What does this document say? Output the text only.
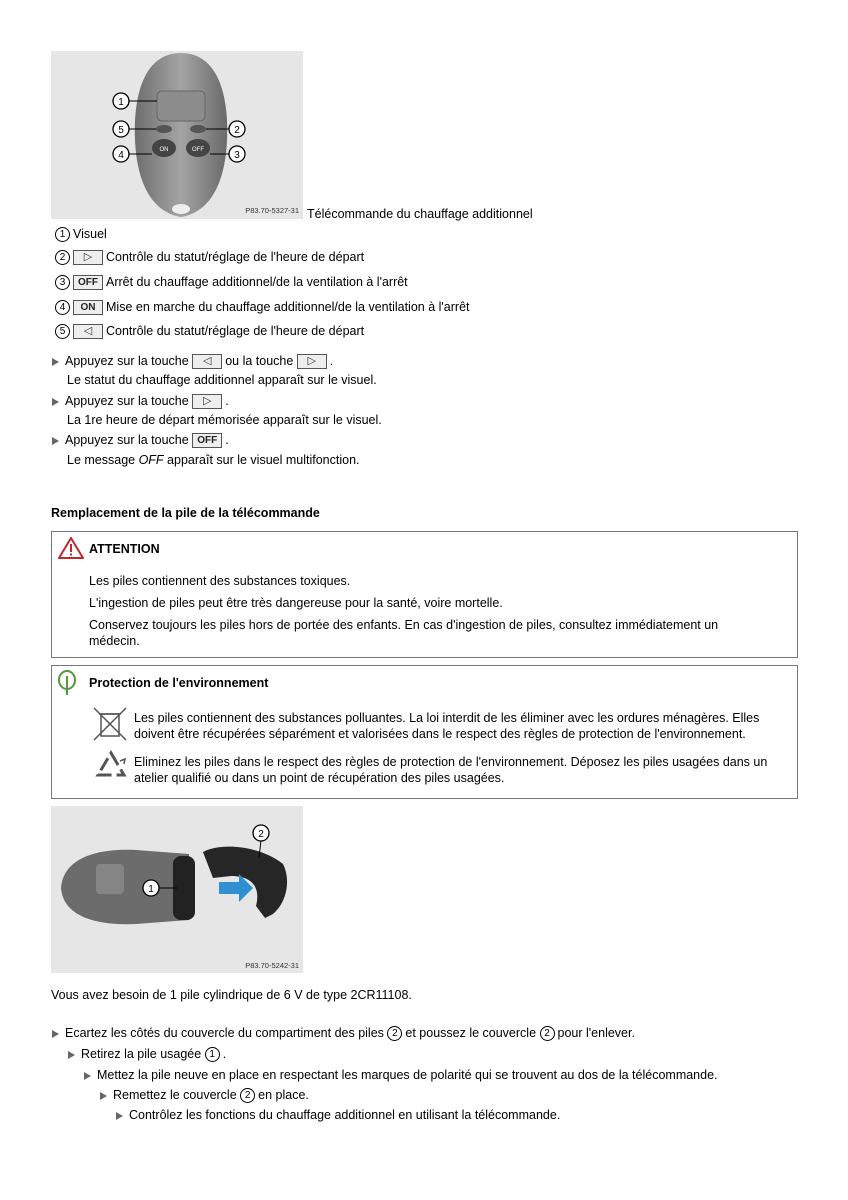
ON	OFF
1
2
3
4
5
P83.70-5327-31 Télécommande du chauffage additionnel
1 Visuel
2 ▷ Contrôle du statut/réglage de l'heure de départ
3 OFF Arrêt du chauffage additionnel/de la ventilation à l'arrêt
4 ON Mise en marche du chauffage additionnel/de la ventilation à l'arrêt
5 ◁ Contrôle du statut/réglage de l'heure de départ
Appuyez sur la touche ◁ ou la touche ▷ .
Le statut du chauffage additionnel apparaît sur le visuel.
Appuyez sur la touche ▷ .
La 1re heure de départ mémorisée apparaît sur le visuel.
Appuyez sur la touche OFF .
Le message OFF apparaît sur le visuel multifonction.
Remplacement de la pile de la télécommande
ATTENTION
Les piles contiennent des substances toxiques.
L'ingestion de piles peut être très dangereuse pour la santé, voire mortelle.
Conservez toujours les piles hors de portée des enfants. En cas d'ingestion de piles, consultez immédiatement un
médecin.
Protection de l'environnement
Les piles contiennent des substances polluantes. La loi interdit de les éliminer avec les ordures ménagères. Elles
doivent être récupérées séparément et valorisées dans le respect des règles de protection de l'environnement.
Eliminez les piles dans le respect des règles de protection de l'environnement. Déposez les piles usagées dans un
atelier qualifié ou dans un point de récupération des piles usagées.
1
2
P83.70-5242-31
Vous avez besoin de 1 pile cylindrique de 6 V de type 2CR11108.
Ecartez les côtés du couvercle du compartiment des piles 2 et poussez le couvercle 2 pour l'enlever.
Retirez la pile usagée 1 .
Mettez la pile neuve en place en respectant les marques de polarité qui se trouvent au dos de la télécommande.
Remettez le couvercle 2 en place.
Contrôlez les fonctions du chauffage additionnel en utilisant la télécommande.
